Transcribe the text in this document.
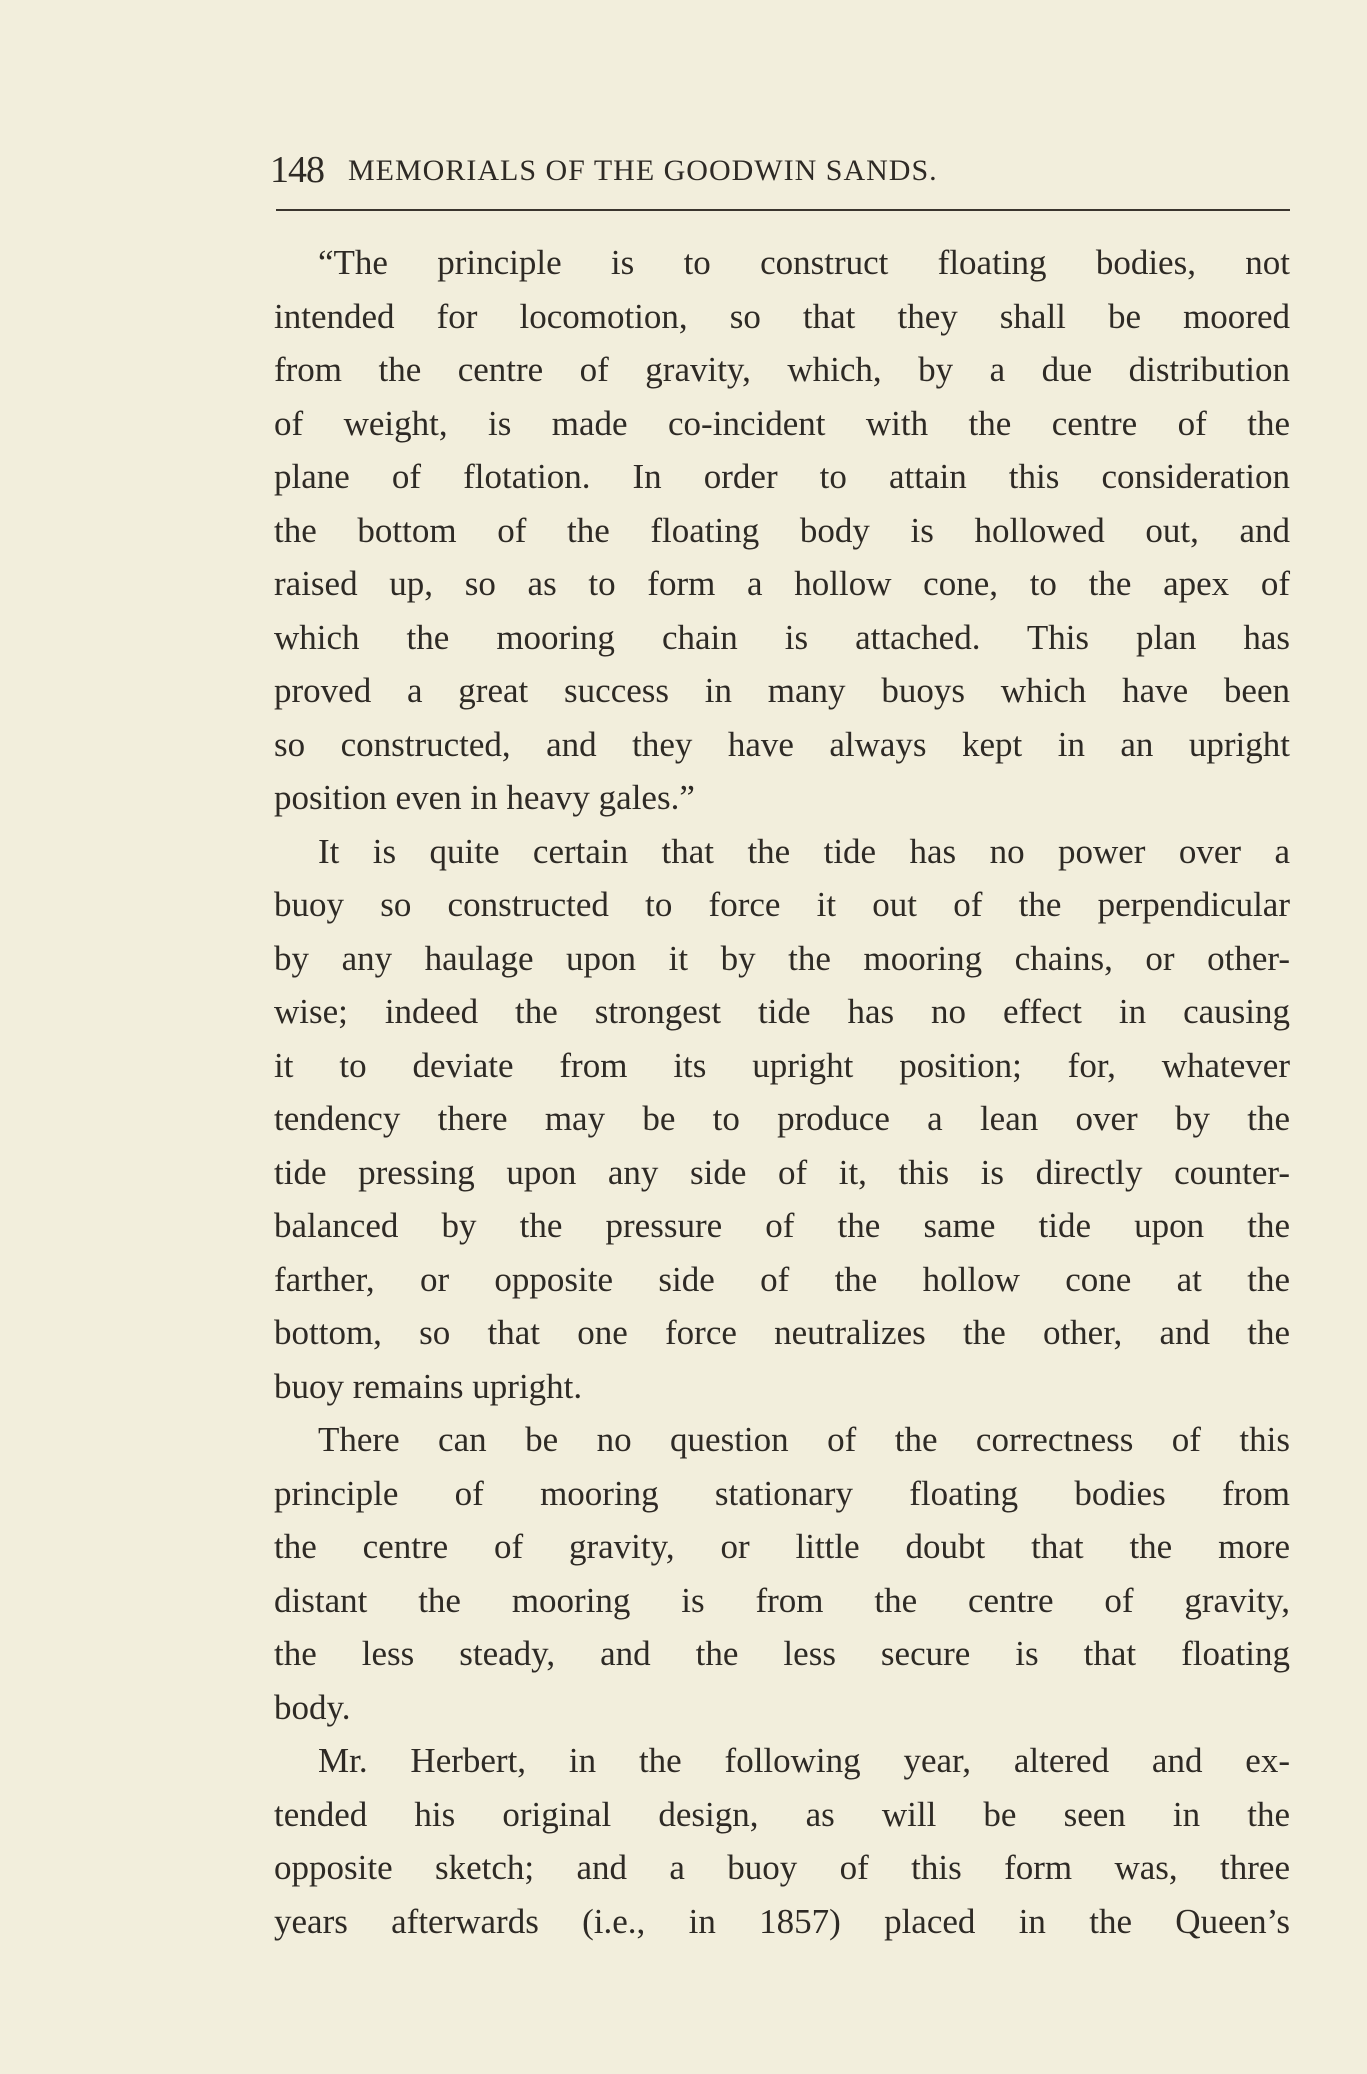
148 MEMORIALS OF THE GOODWIN SANDS.
“The principle is to construct floating bodies, not
intended for locomotion, so that they shall be moored
from the centre of gravity, which, by a due distribution
of weight, is made co-incident with the centre of the
plane of flotation. In order to attain this consideration
the bottom of the floating body is hollowed out, and
raised up, so as to form a hollow cone, to the apex of
which the mooring chain is attached. This plan has
proved a great success in many buoys which have been
so constructed, and they have always kept in an upright
position even in heavy gales.”
It is quite certain that the tide has no power over a
buoy so constructed to force it out of the perpendicular
by any haulage upon it by the mooring chains, or other-
wise; indeed the strongest tide has no effect in causing
it to deviate from its upright position; for, whatever
tendency there may be to produce a lean over by the
tide pressing upon any side of it, this is directly counter-
balanced by the pressure of the same tide upon the
farther, or opposite side of the hollow cone at the
bottom, so that one force neutralizes the other, and the
buoy remains upright.
There can be no question of the correctness of this
principle of mooring stationary floating bodies from
the centre of gravity, or little doubt that the more
distant the mooring is from the centre of gravity,
the less steady, and the less secure is that floating
body.
Mr. Herbert, in the following year, altered and ex-
tended his original design, as will be seen in the
opposite sketch; and a buoy of this form was, three
years afterwards (i.e., in 1857) placed in the Queen’s
